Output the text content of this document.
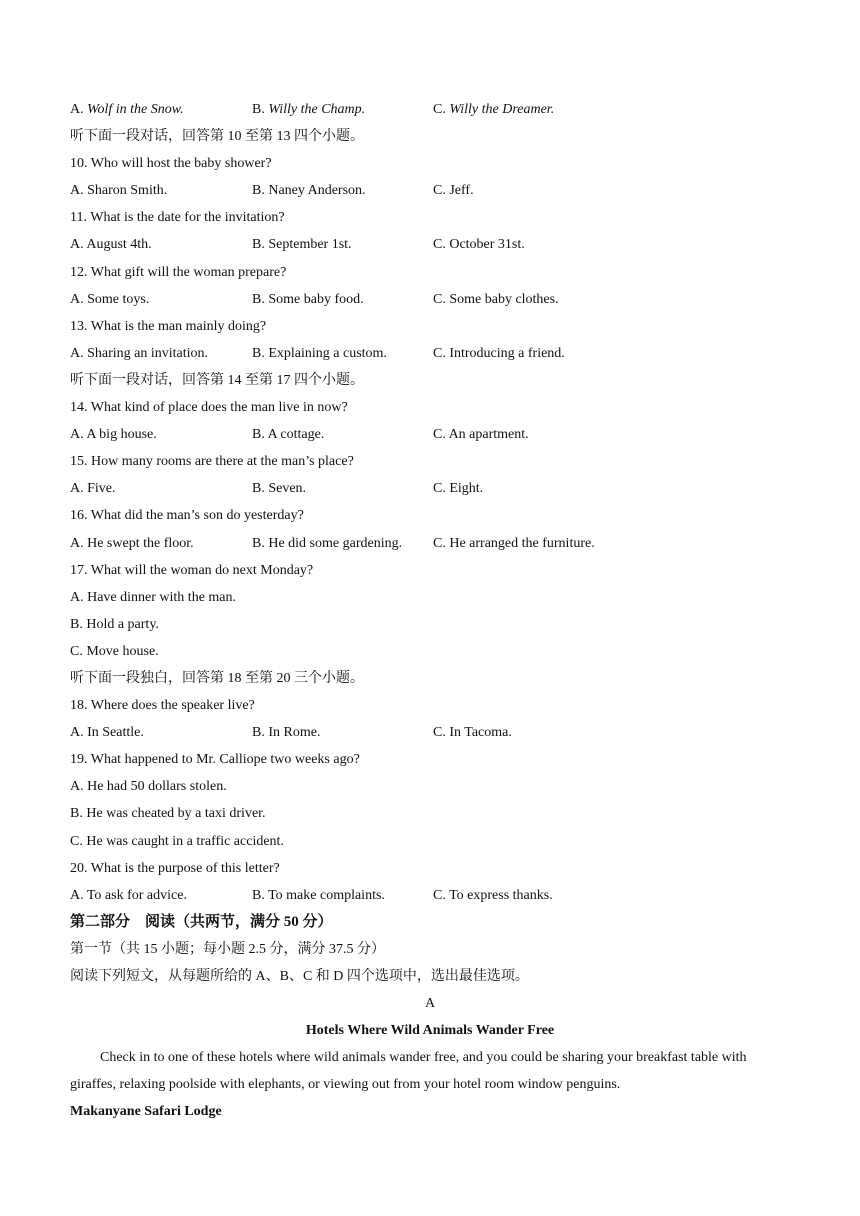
A. Wolf in the Snow.	B. Willy the Champ.	C. Willy the Dreamer.
听下面一段对话，回答第 10 至第 13 四个小题。
10. Who will host the baby shower?
A. Sharon Smith.	B. Naney Anderson.	C. Jeff.
11. What is the date for the invitation?
A. August 4th.	B. September 1st.	C. October 31st.
12. What gift will the woman prepare?
A. Some toys.	B. Some baby food.	C. Some baby clothes.
13. What is the man mainly doing?
A. Sharing an invitation.	B. Explaining a custom.	C. Introducing a friend.
听下面一段对话，回答第 14 至第 17 四个小题。
14. What kind of place does the man live in now?
A. A big house.	B. A cottage.	C. An apartment.
15. How many rooms are there at the man’s place?
A. Five.	B. Seven.	C. Eight.
16. What did the man’s son do yesterday?
A. He swept the floor.	B. He did some gardening. C. He arranged the furniture.
17. What will the woman do next Monday?
A. Have dinner with the man.
B. Hold a party.
C. Move house.
听下面一段独白，回答第 18 至第 20 三个小题。
18. Where does the speaker live?
A. In Seattle.	B. In Rome.	C. In Tacoma.
19. What happened to Mr. Calliope two weeks ago?
A. He had 50 dollars stolen.
B. He was cheated by a taxi driver.
C. He was caught in a traffic accident.
20. What is the purpose of this letter?
A. To ask for advice.	B. To make complaints.	C. To express thanks.
第二部分　阅读（共两节，满分 50 分）
第一节（共 15 小题；每小题 2.5 分，满分 37.5 分）
阅读下列短文，从每题所给的 A、B、C 和 D 四个选项中，选出最佳选项。
A
Hotels Where Wild Animals Wander Free
Check in to one of these hotels where wild animals wander free, and you could be sharing your breakfast table with giraffes, relaxing poolside with elephants, or viewing out from your hotel room window penguins.
Makanyane Safari Lodge
